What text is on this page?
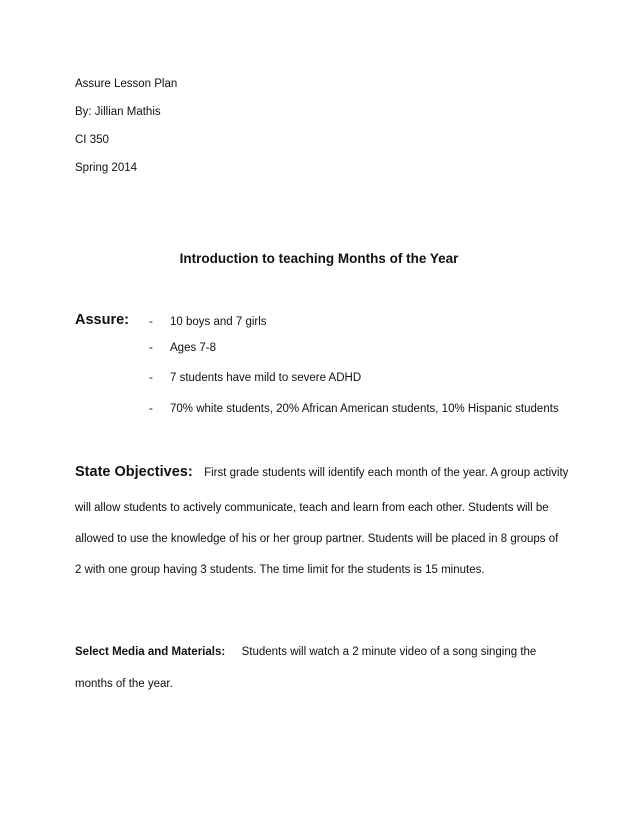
Assure Lesson Plan
By: Jillian Mathis
CI 350
Spring 2014
Introduction to teaching Months of the Year
Assure: - 10 boys and 7 girls
- Ages 7-8
- 7 students have mild to severe ADHD
- 70% white students, 20% African American students, 10% Hispanic students
State Objectives: First grade students will identify each month of the year. A group activity
will allow students to actively communicate, teach and learn from each other. Students will be
allowed to use the knowledge of his or her group partner. Students will be placed in 8 groups of
2 with one group having 3 students. The time limit for the students is 15 minutes.
Select Media and Materials: Students will watch a 2 minute video of a song singing the
months of the year.
